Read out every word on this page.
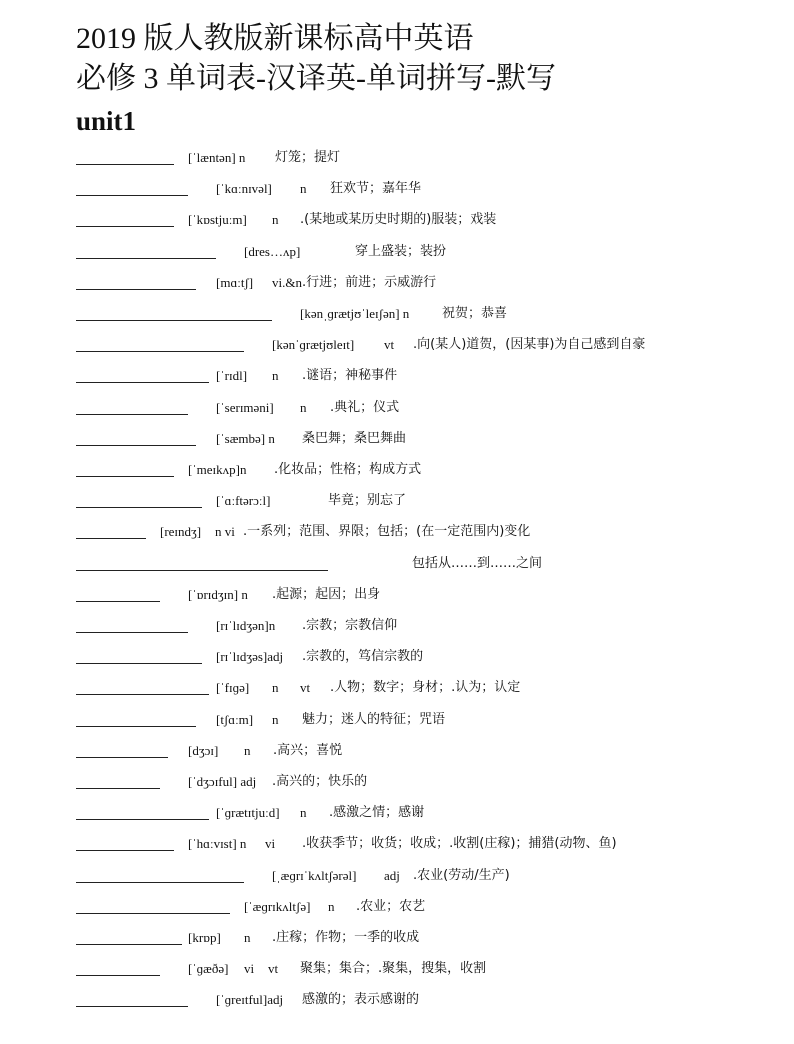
2019 版人教版新课标高中英语
必修 3 单词表-汉译英-单词拼写-默写
unit1
[ˈlæntən] n 灯笼；提灯
[ˈkɑːnɪvəl] n 狂欢节；嘉年华
[ˈkɒstjuːm] n .(某地或某历史时期的)服装；戏装
[dres…ʌp]	穿上盛装；装扮
[mɑːtʃ] vi.&n .行进；前进；示威游行
[kənˌɡrætjʊˈleɪʃən] n	祝贺；恭喜
[kənˈɡrætjʊleɪt] vt .向(某人)道贺，(因某事)为自己感到自豪
[ˈrɪdl] n .谜语；神秘事件
[ˈserɪməni] n .典礼；仪式
[ˈsæmbə] n 桑巴舞；桑巴舞曲
[ˈmeɪkʌp]n .化妆品；性格；构成方式
[ˈɑːftərɔːl]	毕竟；别忘了
[reɪndʒ] n vi .一系列；范围、界限；包括；(在一定范围内)变化
包括从……到……之间
[ˈɒrɪdʒɪn] n .起源；起因；出身
[rɪˈlɪdʒən]n .宗教；宗教信仰
[rɪˈlɪdʒəs]adj .宗教的，笃信宗教的
[ˈfɪɡə] n vt .人物；数字；身材；.认为；认定
[tʃɑːm] n 魅力；迷人的特征；咒语
[dʒɔɪ] n .高兴；喜悦
[ˈdʒɔɪful] adj .高兴的；快乐的
[ˈɡrætɪtjuːd] n .感激之情；感谢
[ˈhɑːvɪst] n vi .收获季节；收货；收成；.收割(庄稼)；捕猎(动物、鱼)
[ˌæɡrɪˈkʌltʃərəl] adj .农业(劳动/生产)
[ˈæɡrɪkʌltʃə] n .农业；农艺
[krɒp] n .庄稼；作物；一季的收成
[ˈɡæðə] vi vt 聚集；集合；.聚集，搜集，收割
[ˈɡreɪtful]adj 感激的；表示感谢的
